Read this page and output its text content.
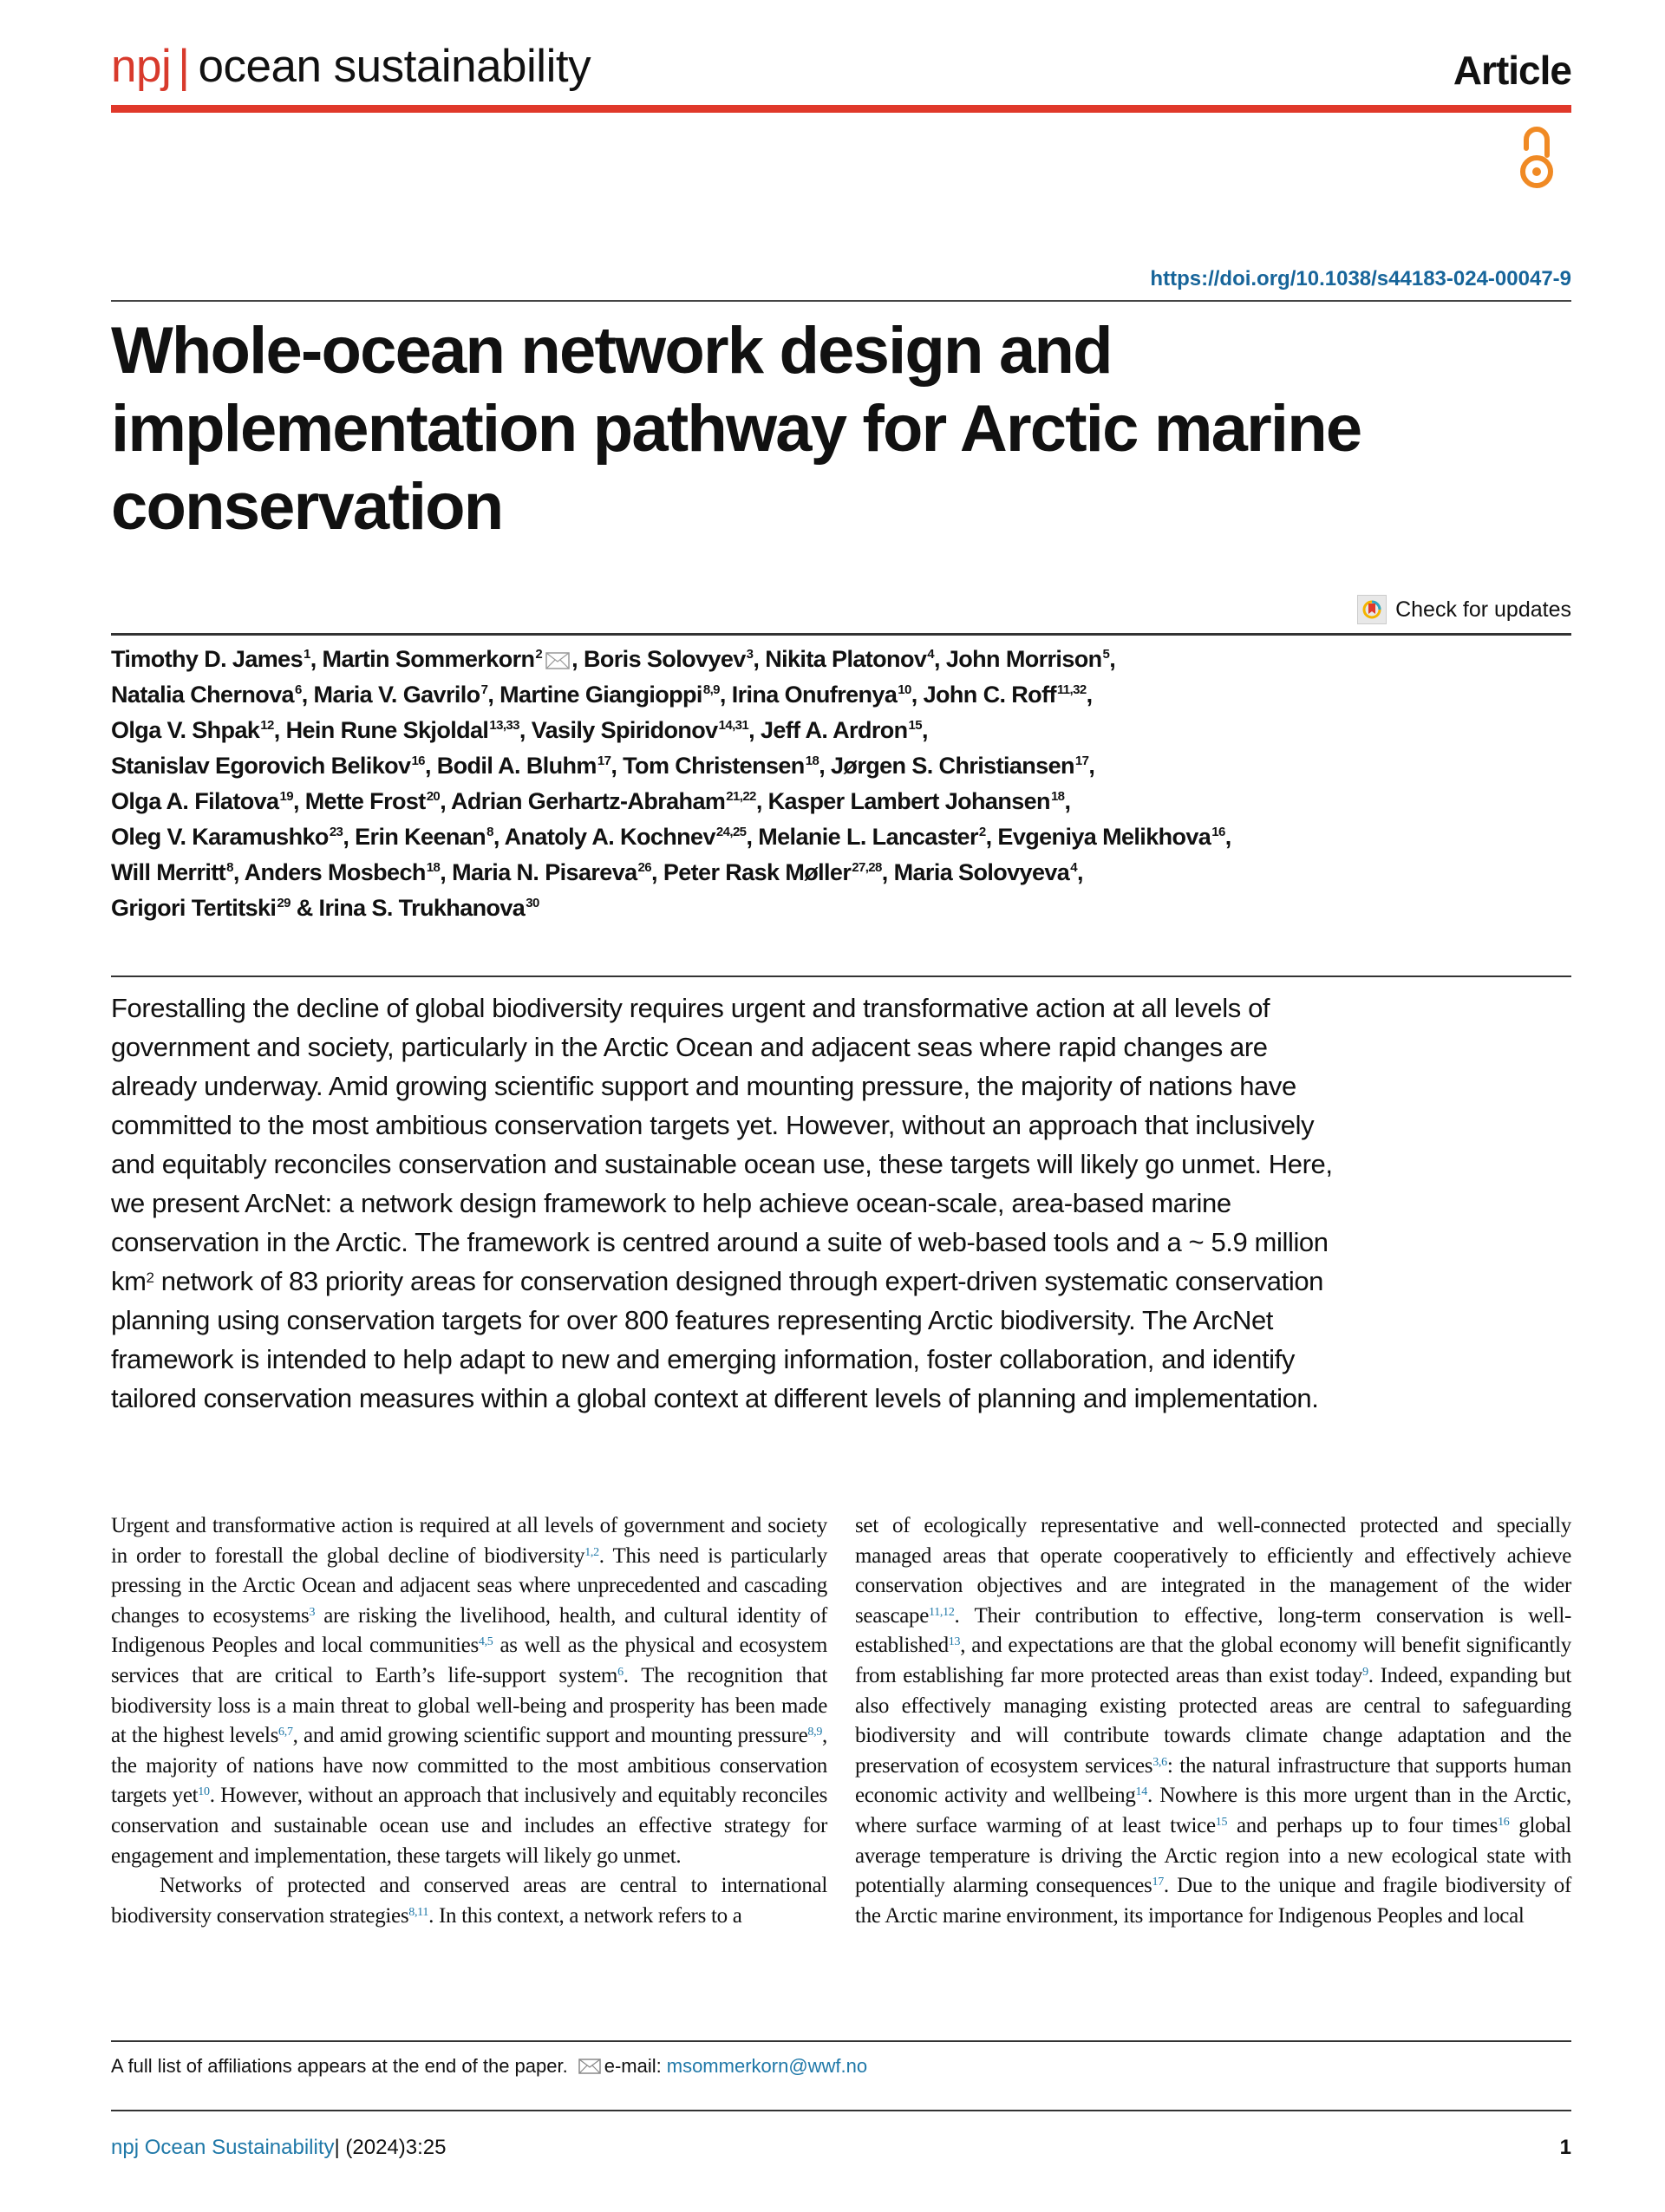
npj | ocean sustainability	Article
https://doi.org/10.1038/s44183-024-00047-9
Whole-ocean network design and implementation pathway for Arctic marine conservation
Check for updates
Timothy D. James$^1$, Martin Sommerkorn$^2$ , Boris Solovyev$^3$, Nikita Platonov$^4$, John Morrison$^5$,
Natalia Chernova$^6$, Maria V. Gavrilo$^7$, Martine Giangioppi$^{8,9}$, Irina Onufrenya$^{10}$, John C. Roff$^{11,32}$,
Olga V. Shpak$^{12}$, Hein Rune Skjoldal$^{13,33}$, Vasily Spiridonov$^{14,31}$, Jeff A. Ardron$^{15}$,
Stanislav Egorovich Belikov$^{16}$, Bodil A. Bluhm$^{17}$, Tom Christensen$^{18}$, Jørgen S. Christiansen$^{17}$,
Olga A. Filatova$^{19}$, Mette Frost$^{20}$, Adrian Gerhartz-Abraham$^{21,22}$, Kasper Lambert Johansen$^{18}$,
Oleg V. Karamushko$^{23}$, Erin Keenan$^8$, Anatoly A. Kochnev$^{24,25}$, Melanie L. Lancaster$^2$, Evgeniya Melikhova$^{16}$,
Will Merritt$^8$, Anders Mosbech$^{18}$, Maria N. Pisareva$^{26}$, Peter Rask Møller$^{27,28}$, Maria Solovyeva$^4$,
Grigori Tertitski$^{29}$ & Irina S. Trukhanova$^{30}$

Forestalling the decline of global biodiversity requires urgent and transformative action at all levels of government and society, particularly in the Arctic Ocean and adjacent seas where rapid changes are already underway. Amid growing scientific support and mounting pressure, the majority of nations have committed to the most ambitious conservation targets yet. However, without an approach that inclusively and equitably reconciles conservation and sustainable ocean use, these targets will likely go unmet. Here, we present ArcNet: a network design framework to help achieve ocean-scale, area-based marine conservation in the Arctic. The framework is centred around a suite of web-based tools and a ~ 5.9 million $km^2$ network of 83 priority areas for conservation designed through expert-driven systematic conservation planning using conservation targets for over 800 features representing Arctic biodiversity. The ArcNet framework is intended to help adapt to new and emerging information, foster collaboration, and identify tailored conservation measures within a global context at different levels of planning and implementation.

Urgent and transformative action is required at all levels of government and society in order to forestall the global decline of biodiversity$^{1,2}$. This need is particularly pressing in the Arctic Ocean and adjacent seas where unprecedented and cascading changes to ecosystems$^3$ are risking the livelihood, health, and cultural identity of Indigenous Peoples and local communities$^{4,5}$ as well as the physical and ecosystem services that are critical to Earth’s life-support system$^6$. The recognition that biodiversity loss is a main threat to global well-being and prosperity has been made at the highest levels$^{6,7}$, and amid growing scientific support and mounting pressure$^{8,9}$, the majority of nations have now committed to the most ambitious conservation targets yet$^{10}$. However, without an approach that inclusively and equitably reconciles conservation and sustainable ocean use and includes an effective strategy for engagement and implementation, these targets will likely go unmet.

Networks of protected and conserved areas are central to international biodiversity conservation strategies$^{8,11}$. In this context, a network refers to a

set of ecologically representative and well-connected protected and specially managed areas that operate cooperatively to efficiently and effectively achieve conservation objectives and are integrated in the management of the wider seascape$^{11,12}$. Their contribution to effective, long-term conservation is well-established$^{13}$, and expectations are that the global economy will benefit significantly from establishing far more protected areas than exist today$^9$. Indeed, expanding but also effectively managing existing protected areas are central to safeguarding biodiversity and will contribute towards climate change adaptation and the preservation of ecosystem services$^{3,6}$: the natural infrastructure that supports human economic activity and wellbeing$^{14}$. Nowhere is this more urgent than in the Arctic, where surface warming of at least twice$^{15}$ and perhaps up to four times$^{16}$ global average temperature is driving the Arctic region into a new ecological state with potentially alarming consequences$^{17}$. Due to the unique and fragile biodiversity of the Arctic marine environment, its importance for Indigenous Peoples and local

A full list of affiliations appears at the end of the paper. e-mail: msommerkorn@wwf.no
npj Ocean Sustainability| (2024)3:25	1
